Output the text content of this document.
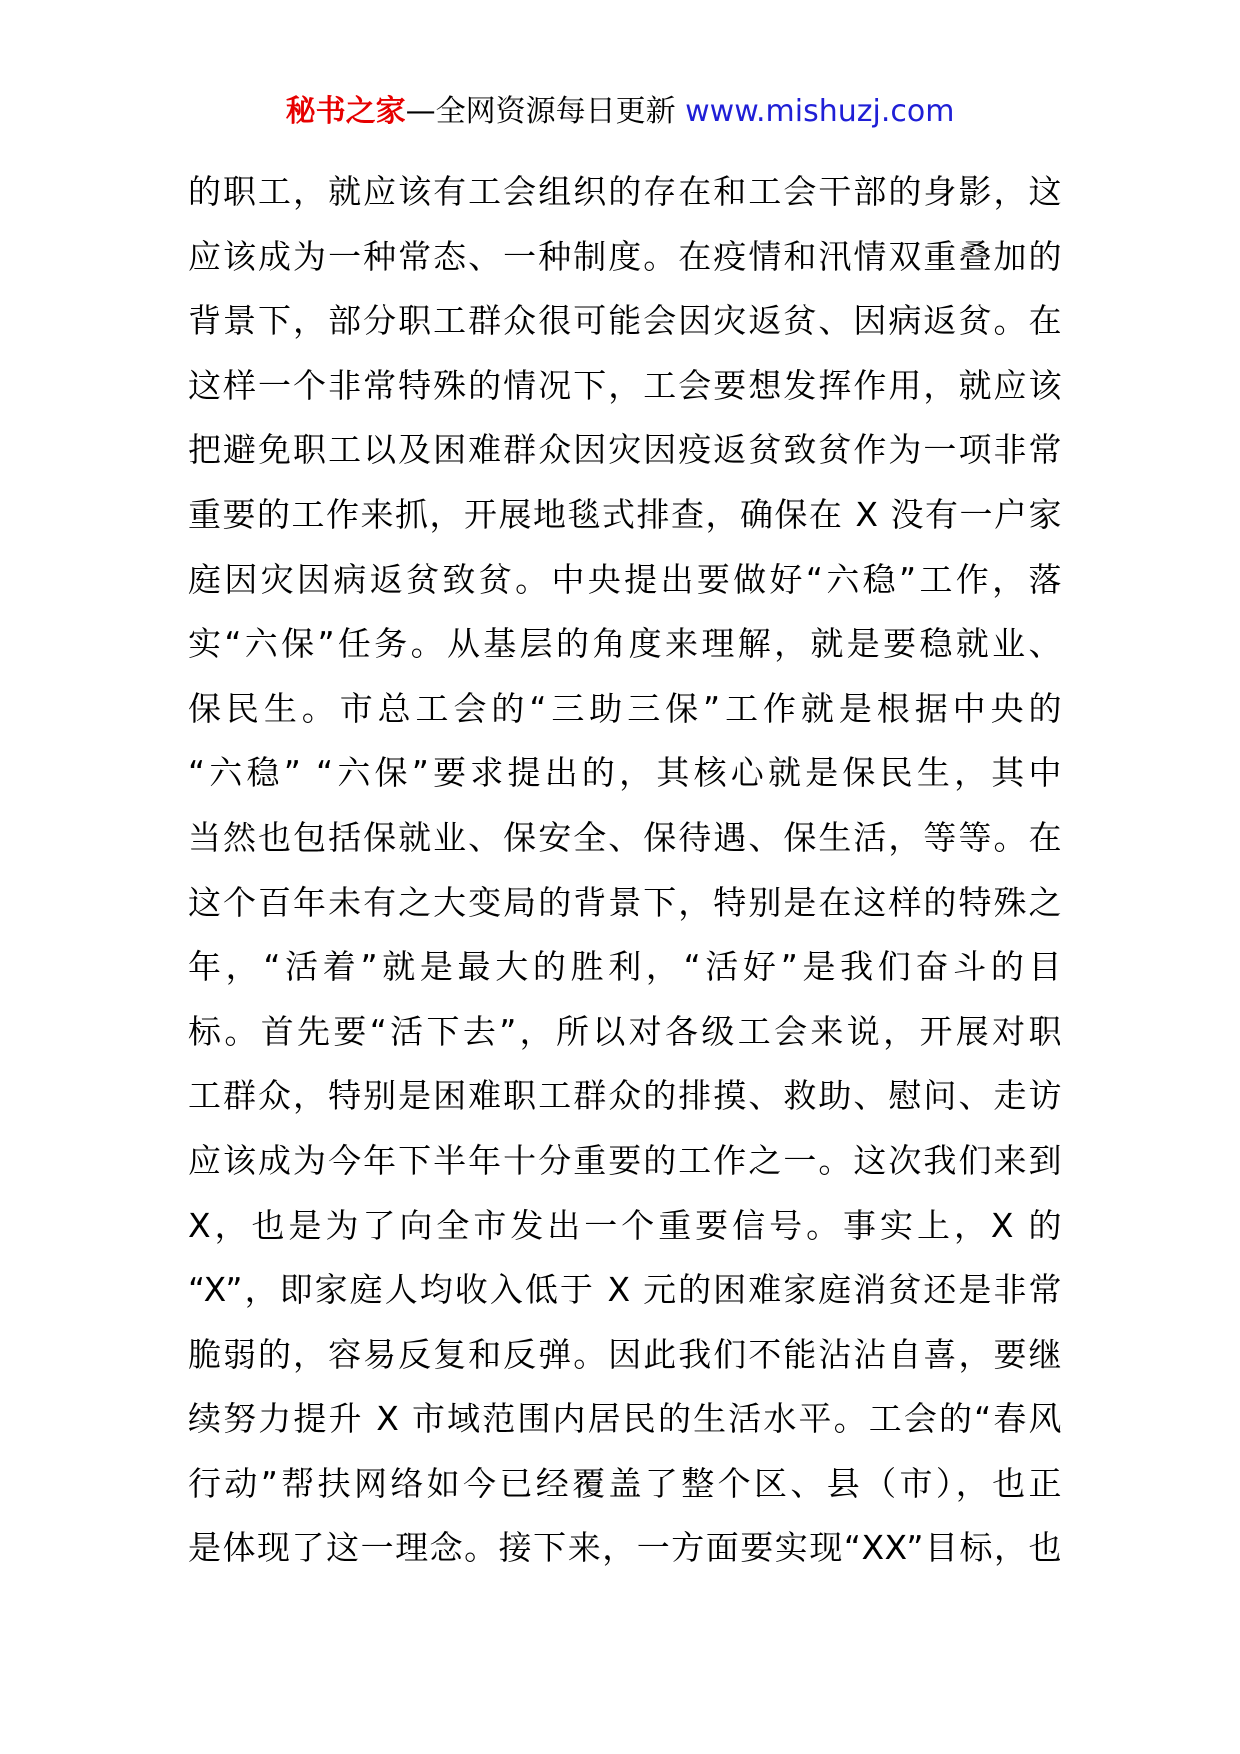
秘书之家—全网资源每日更新 www.mishuzj.com
的职工，就应该有工会组织的存在和工会干部的身影，这
应该成为一种常态、一种制度。在疫情和汛情双重叠加的
背景下，部分职工群众很可能会因灾返贫、因病返贫。在
这样一个非常特殊的情况下，工会要想发挥作用，就应该
把避免职工以及困难群众因灾因疫返贫致贫作为一项非常
重要的工作来抓，开展地毯式排查，确保在 X 没有一户家
庭因灾因病返贫致贫。中央提出要做好“六稳”工作，落
实“六保”任务。从基层的角度来理解，就是要稳就业、
保民生。市总工会的“三助三保”工作就是根据中央的
“六稳” “六保”要求提出的，其核心就是保民生，其中
当然也包括保就业、保安全、保待遇、保生活，等等。在
这个百年未有之大变局的背景下，特别是在这样的特殊之
年，“活着”就是最大的胜利，“活好”是我们奋斗的目
标。首先要“活下去”，所以对各级工会来说，开展对职
工群众，特别是困难职工群众的排摸、救助、慰问、走访
应该成为今年下半年十分重要的工作之一。这次我们来到
X，也是为了向全市发出一个重要信号。事实上，X 的
“X”，即家庭人均收入低于 X 元的困难家庭消贫还是非常
脆弱的，容易反复和反弹。因此我们不能沾沾自喜，要继
续努力提升 X 市域范围内居民的生活水平。工会的“春风
行动”帮扶网络如今已经覆盖了整个区、县（市），也正
是体现了这一理念。接下来，一方面要实现“XX”目标，也
